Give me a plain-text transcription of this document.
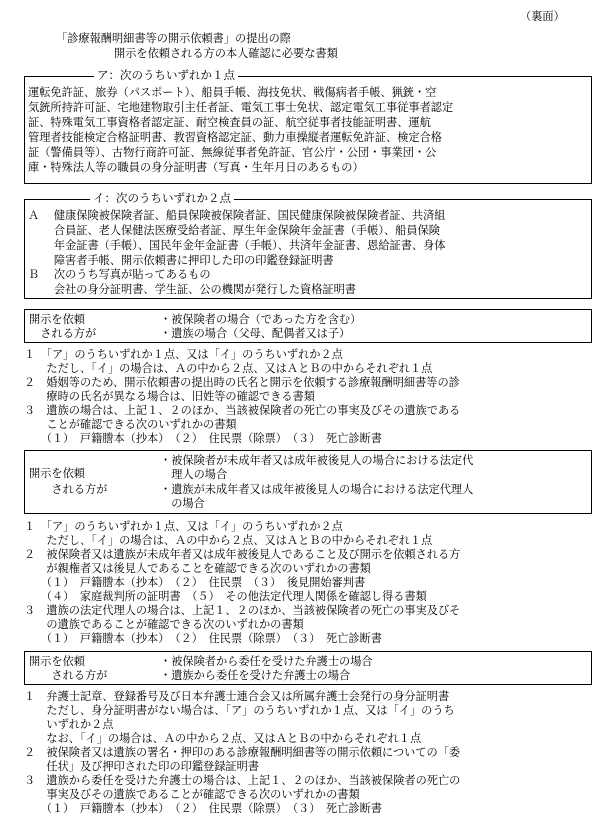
（裏面）
「診療報酬明細書等の開示依頼書」の提出の際
開示を依頼される方の本人確認に必要な書類
ア：次のうちいずれか１点
運転免許証、旅券（パスポート）、船員手帳、海技免状、戦傷病者手帳、猟銃・空
気銃所持許可証、宅地建物取引主任者証、電気工事士免状、認定電気工事従事者認定
証、特殊電気工事資格者認定証、耐空検査員の証、航空従事者技能証明書、運航
管理者技能検定合格証明書、教習資格認定証、動力車操縦者運転免許証、検定合格
証（警備員等）、古物行商許可証、無線従事者免許証、官公庁・公団・事業団・公
庫・特殊法人等の職員の身分証明書（写真・生年月日のあるもの）
イ：次のうちいずれか２点
Ａ　 健康保険被保険者証、船員保険被保険者証、国民健康保険被保険者証、共済組
　　 合員証、老人保健法医療受給者証、厚生年金保険年金証書（手帳）、船員保険
　　 年金証書（手帳）、国民年金年金証書（手帳）、共済年金証書、恩給証書、身体
　　 障害者手帳、開示依頼書に押印した印の印鑑登録証明書
Ｂ　 次のうち写真が貼ってあるもの
　　 会社の身分証明書、学生証、公の機関が発行した資格証明書
開示を依頼
　される方が
・被保険者の場合（であった方を含む）
・遺族の場合（父母、配偶者又は子）
１　「ア」のうちいずれか１点、又は「イ」のうちいずれか２点
　　ただし、「イ」の場合は、Ａの中から２点、又はＡとＢの中からそれぞれ１点
２　婚姻等のため、開示依頼書の提出時の氏名と開示を依頼する診療報酬明細書等の診
　　療時の氏名が異なる場合は、旧姓等の確認できる書類
３　遺族の場合は、上記１、２のほか、当該被保険者の死亡の事実及びその遺族である
　　ことが確認できる次のいずれかの書類
　　（１）　戸籍謄本（抄本）　（２）　住民票（除票）　（３）　死亡診断書
開示を依頼
　　される方が
・被保険者が未成年者又は成年被後見人の場合における法定代
　理人の場合
・遺族が未成年者又は成年被後見人の場合における法定代理人
　の場合
１　「ア」のうちいずれか１点、又は「イ」のうちいずれか２点
　　ただし、「イ」の場合は、Ａの中から２点、又はＡとＢの中からそれぞれ１点
２　被保険者又は遺族が未成年者又は成年被後見人であること及び開示を依頼される方
　　が親権者又は後見人であることを確認できる次のいずれかの書類
　　（１）　戸籍謄本（抄本）　（２）　住民票　（３）　後見開始審判書
　　（４）　家庭裁判所の証明書　（５）　その他法定代理人関係を確認し得る書類
３　遺族の法定代理人の場合は、上記１、２のほか、当該被保険者の死亡の事実及びそ
　　の遺族であることが確認できる次のいずれかの書類
　　（１）　戸籍謄本（抄本）　（２）　住民票（除票）　（３）　死亡診断書
開示を依頼
　　される方が
・被保険者から委任を受けた弁護士の場合
・遺族から委任を受けた弁護士の場合
１　弁護士記章、登録番号及び日本弁護士連合会又は所属弁護士会発行の身分証明書
　　ただし、身分証明書がない場合は、「ア」のうちいずれか１点、又は「イ」のうち
　　いずれか２点
　　なお、「イ」の場合は、Ａの中から２点、又はＡとＢの中からそれぞれ１点
２　被保険者又は遺族の署名・押印のある診療報酬明細書等の開示依頼についての「委
　　任状」及び押印された印の印鑑登録証明書
３　遺族から委任を受けた弁護士の場合は、上記１、２のほか、当該被保険者の死亡の
　　事実及びその遺族であることが確認できる次のいずれかの書類
　　（１）　戸籍謄本（抄本）　（２）　住民票（除票）　（３）　死亡診断書
